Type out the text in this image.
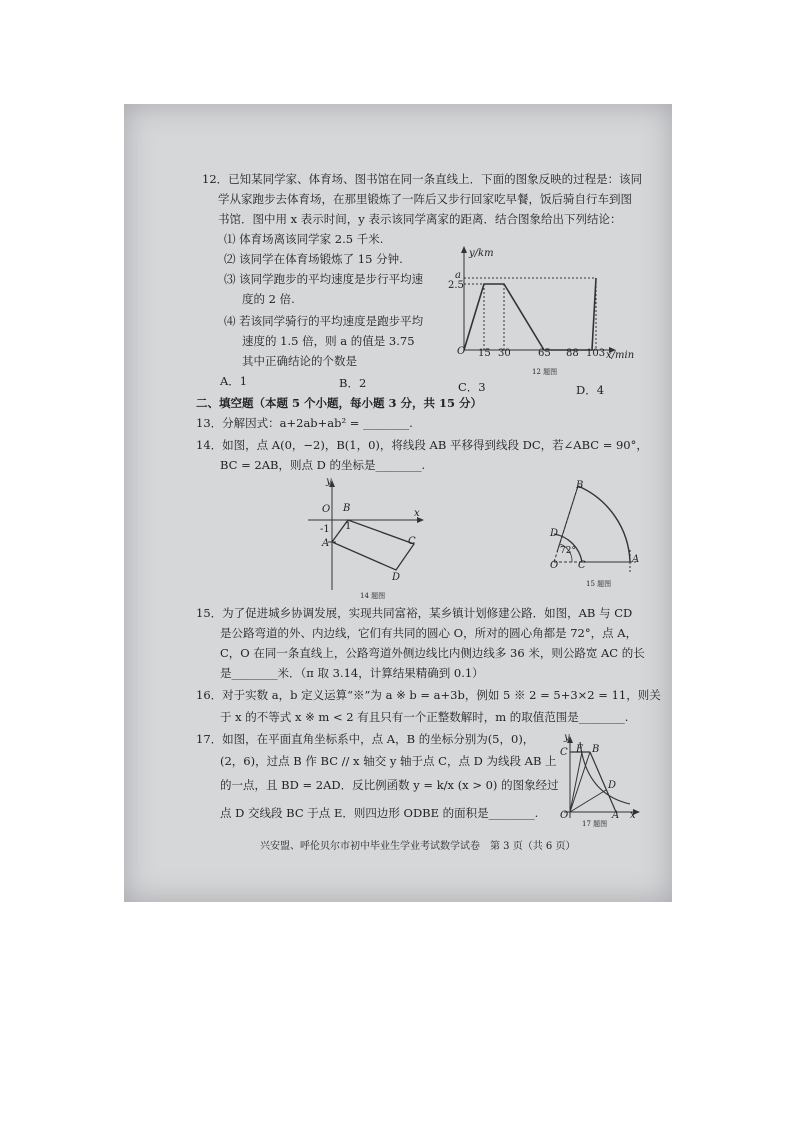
12．已知某同学家、体育场、图书馆在同一条直线上．下面的图象反映的过程是：该同
学从家跑步去体育场，在那里锻炼了一阵后又步行回家吃早餐，饭后骑自行车到图
书馆．图中用 x 表示时间，y 表示该同学离家的距离．结合图象给出下列结论：
⑴ 体育场离该同学家 2.5 千米.
⑵ 该同学在体育场锻炼了 15 分钟.
⑶ 该同学跑步的平均速度是步行平均速
度的 2 倍.
⑷ 若该同学骑行的平均速度是跑步平均
速度的 1.5 倍，则 a 的值是 3.75
其中正确结论的个数是
A．1	B．2	C．3	D．4
y/km
a
2.5
O 15 30	65 88 103 x/min
12 题图
二、填空题（本题 5 个小题，每小题 3 分，共 15 分）
13．分解因式：a+2ab+ab² = ________.
14．如图，点 A(0，−2)，B(1，0)，将线段 AB 平移得到线段 DC，若∠ABC = 90°，
BC = 2AB，则点 D 的坐标是________.
y
O B
-1 1
x
A	C
D
14 题图
B
D
72°
O C
A
15 题图
15．为了促进城乡协调发展，实现共同富裕，某乡镇计划修建公路．如图，AB 与 CD
是公路弯道的外、内边线，它们有共同的圆心 O，所对的圆心角都是 72°，点 A，
C，O 在同一条直线上，公路弯道外侧边线比内侧边线多 36 米，则公路宽 AC 的长
是________米．（π 取 3.14，计算结果精确到 0.1）
16．对于实数 a，b 定义运算“※”为 a ※ b = a+3b，例如 5 ※ 2 = 5+3×2 = 11，则关
于 x 的不等式 x ※ m < 2 有且只有一个正整数解时，m 的取值范围是________.
17．如图，在平面直角坐标系中，点 A，B 的坐标分别为(5，0)，
(2，6)，过点 B 作 BC // x 轴交 y 轴于点 C，点 D 为线段 AB 上
的一点，且 BD = 2AD．反比例函数 y = k/x (x > 0) 的图象经过
点 D 交线段 BC 于点 E．则四边形 ODBE 的面积是________.
y
C E B
D
O	A x
17 题图
兴安盟、呼伦贝尔市初中毕业生学业考试数学试卷　第 3 页（共 6 页）
